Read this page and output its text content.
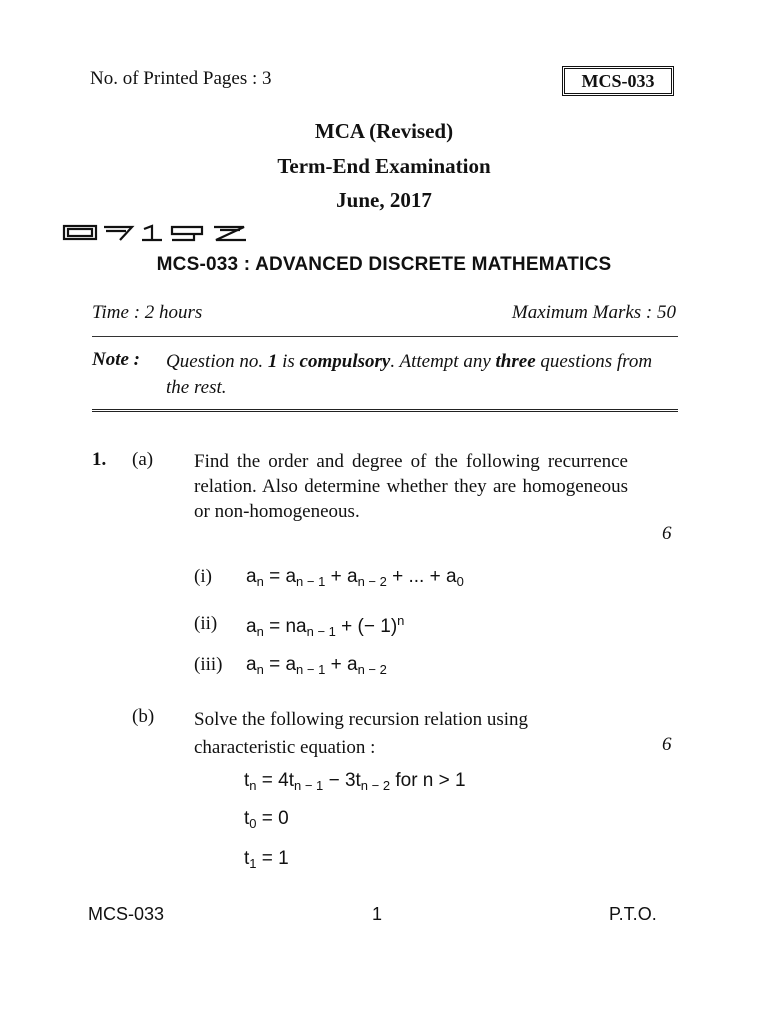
No. of Printed Pages : 3	MCS-033
MCA (Revised)
Term-End Examination
June, 2017
MCS-033 : ADVANCED DISCRETE MATHEMATICS
Time : 2 hours	Maximum Marks : 50
Note : Question no. 1 is compulsory. Attempt any three questions from the rest.
1. (a) Find the order and degree of the following recurrence relation. Also determine whether they are homogeneous or non-homogeneous.
6
(i) $a_n = a_{n - 1} + a_{n - 2}$ + ... + $a_0$
(ii) $a_n = na_{n - 1}$ + (− 1)$^n$
(iii) $a_n = a_{n - 1} + a_{n - 2}$
(b) Solve the following recursion relation using characteristic equation :	6
$t_n = 4t_{n - 1} - 3t_{n - 2}$ for n > 1
$t_0 = 0$
$t_1 = 1$
MCS-033	1	P.T.O.
